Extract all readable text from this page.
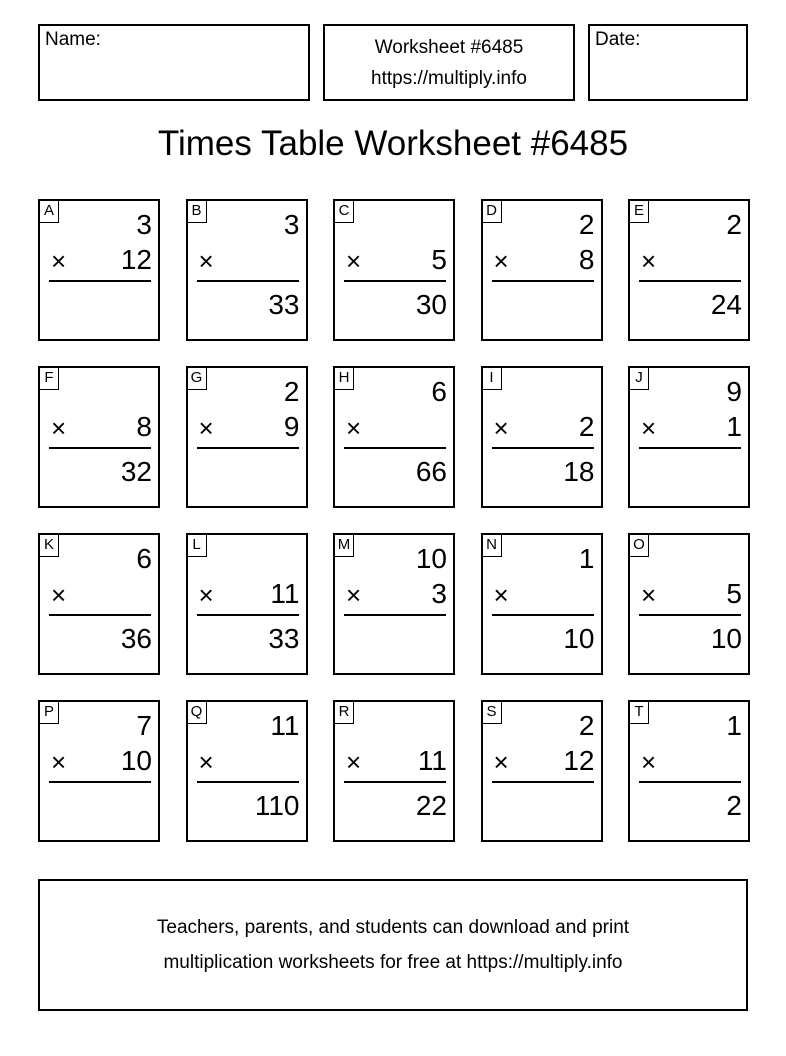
Name:	Worksheet #6485
https://multiply.info
Date:
Times Table Worksheet #6485
A	3
× 12
B	3
×
33
C
×	5
30
D	2
×	8
E	2
×
24
F
×	8
32
G	2
×	9
H	6
×
66
I
×	2
18
J	9
×	1
K	6
×
36
L
× 11
33
M 10
×	3
N	1
×
10
O
×	5
10
P	7
× 10
Q 11
×
110
R
× 11
22
S	2
× 12
T	1
×
2
Teachers, parents, and students can download and print
multiplication worksheets for free at https://multiply.info
